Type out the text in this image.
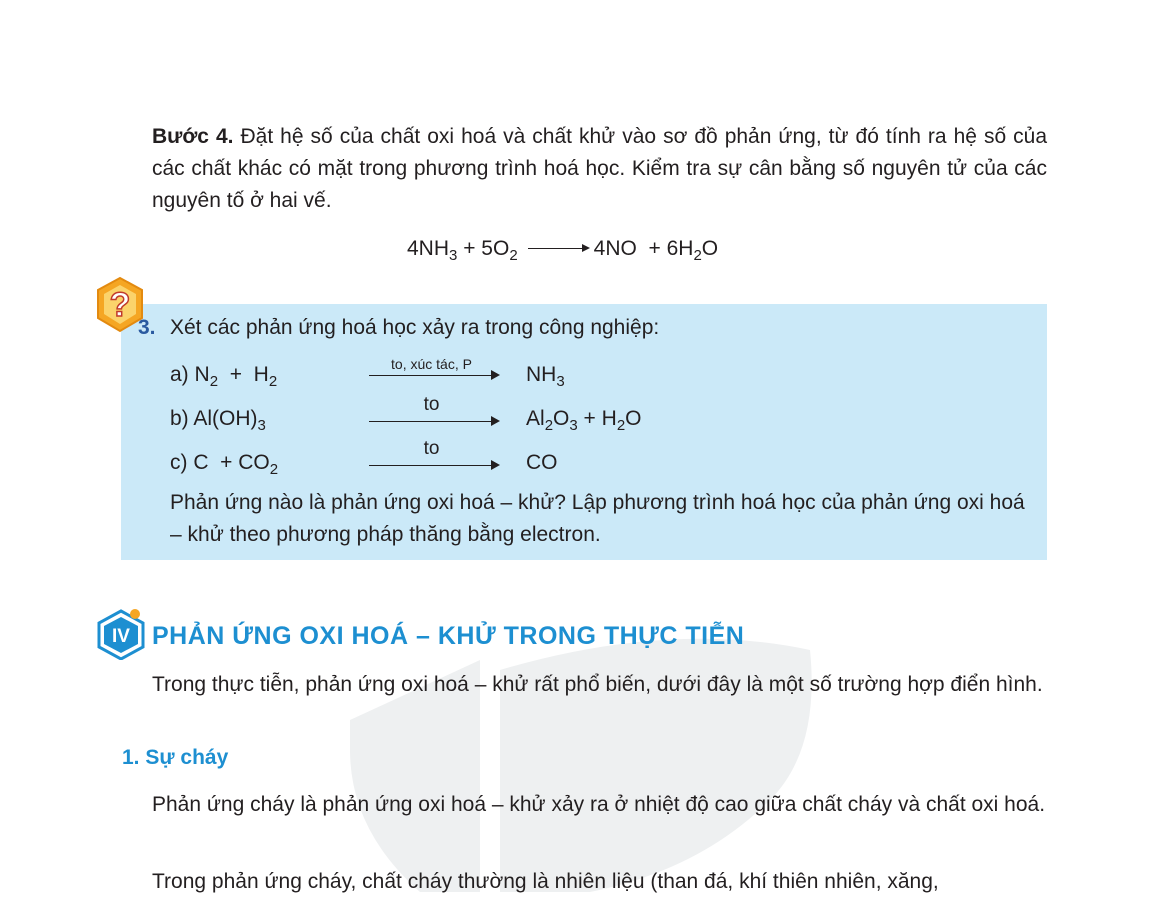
Bước 4. Đặt hệ số của chất oxi hoá và chất khử vào sơ đồ phản ứng, từ đó tính ra hệ số của các chất khác có mặt trong phương trình hoá học. Kiểm tra sự cân bằng số nguyên tử của các nguyên tố ở hai vế.
$4NH_3 + 5O_2$	$4NO + 6H_2O$
?
3. Xét các phản ứng hoá học xảy ra trong công nghiệp:
a) $N_2 + H_2$
to, xúc tác, P	$NH_3$
b) $Al(OH)_3$
to
$Al_2O_3 + H_2O$
c) $C + CO_2$
to
CO
Phản ứng nào là phản ứng oxi hoá – khử? Lập phương trình hoá học của phản ứng oxi hoá – khử theo phương pháp thăng bằng electron.
IV PHẢN ỨNG OXI HOÁ – KHỬ TRONG THỰC TIỄN
Trong thực tiễn, phản ứng oxi hoá – khử rất phổ biến, dưới đây là một số trường hợp điển hình.
1. Sự cháy
Phản ứng cháy là phản ứng oxi hoá – khử xảy ra ở nhiệt độ cao giữa chất cháy và chất oxi hoá.
Trong phản ứng cháy, chất cháy thường là nhiên liệu (than đá, khí thiên nhiên, xăng,
